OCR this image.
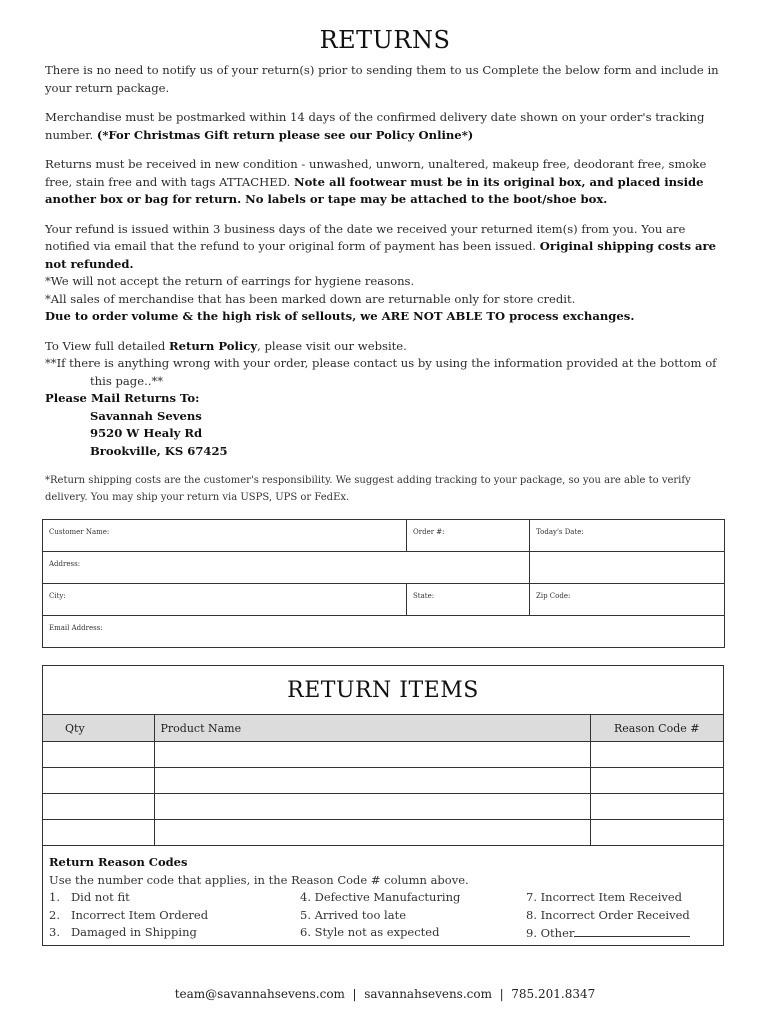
RETURNS

There is no need to notify us of your return(s) prior to sending them to us Complete the below form and include in your return package.

Merchandise must be postmarked within 14 days of the confirmed delivery date shown on your order's tracking number. (*For Christmas Gift return please see our Policy Online*)

Returns must be received in new condition - unwashed, unworn, unaltered, makeup free, deodorant free, smoke free, stain free and with tags ATTACHED. Note all footwear must be in its original box, and placed inside another box or bag for return. No labels or tape may be attached to the boot/shoe box.

Your refund is issued within 3 business days of the date we received your returned item(s) from you. You are notified via email that the refund to your original form of payment has been issued. Original shipping costs are not refunded.

*We will not accept the return of earrings for hygiene reasons.

*All sales of merchandise that has been marked down are returnable only for store credit.

Due to order volume & the high risk of sellouts, we ARE NOT ABLE TO process exchanges.

To View full detailed Return Policy, please visit our website.

**If there is anything wrong with your order, please contact us by using the information provided at the bottom of

this page..**

Please Mail Returns To:

Savannah Sevens

9520 W Healy Rd

Brookville, KS 67425

*Return shipping costs are the customer's responsibility. We suggest adding tracking to your package, so you are able to verify delivery. You may ship your return via USPS, UPS or FedEx.

Customer Name:	Order #:	Today's Date:
Address:		
City:	State:	Zip Code:
Email Address:		
RETURN ITEMS
Qty	Product Name	Reason Code #

Return Reason Codes
Use the number code that applies, in the Reason Code # column above.
1.   Did not fit	4. Defective Manufacturing	7. Incorrect Item Received
2.   Incorrect Item Ordered	5. Arrived too late	8. Incorrect Order Received
3.   Damaged in Shipping	6. Style not as expected	9. Other
team@savannahsevens.com  |  savannahsevens.com  |  785.201.8347
